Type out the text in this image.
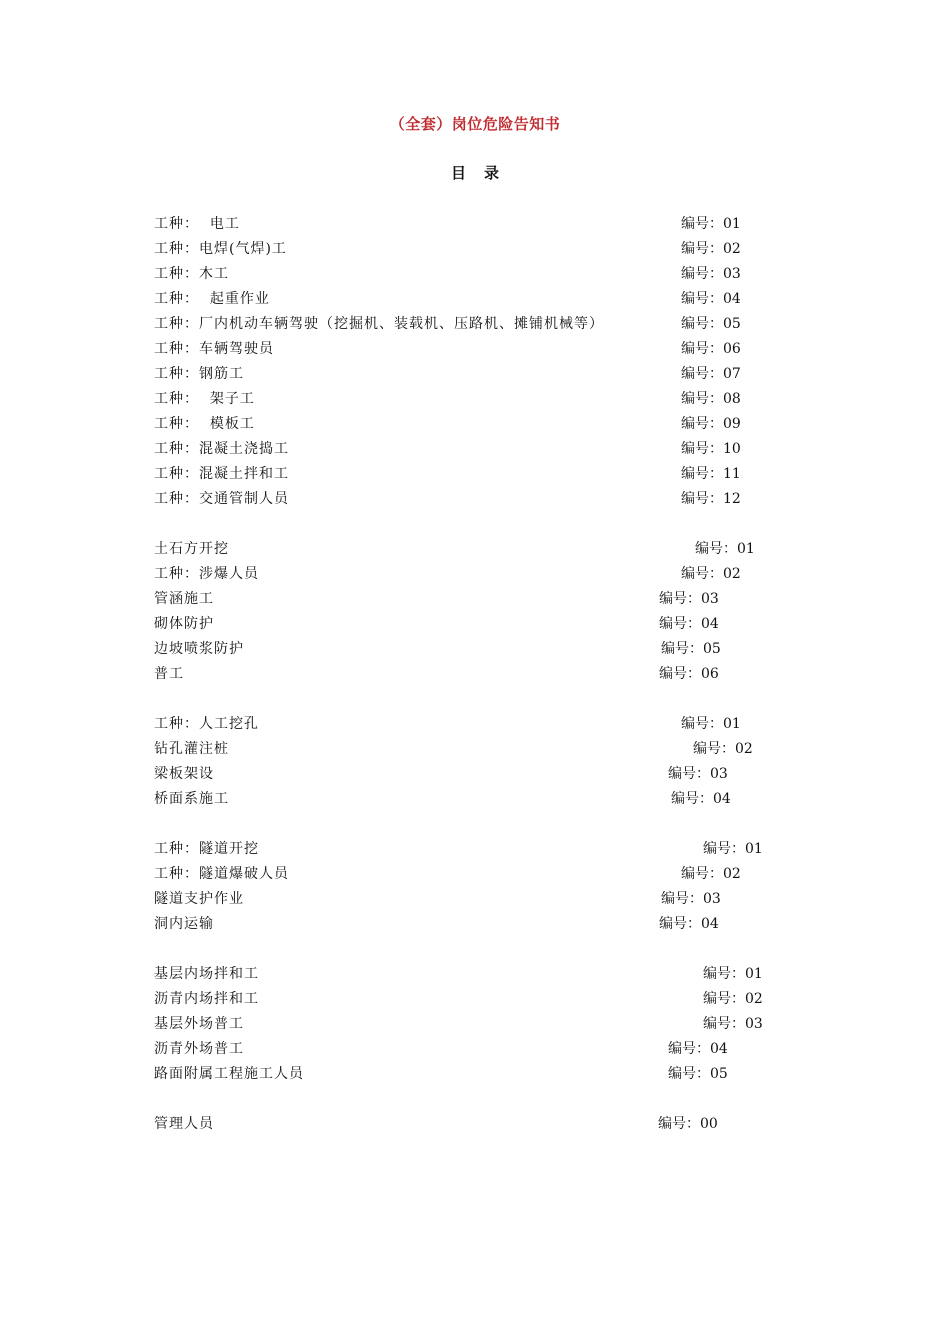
（全套）岗位危险告知书
目录
工种：  电工	编号：01
工种：电焊(气焊)工	编号：02
工种：木工	编号：03
工种：  起重作业	编号：04
工种：厂内机动车辆驾驶（挖掘机、装载机、压路机、摊铺机械等）	编号：05
工种：车辆驾驶员	编号：06
工种：钢筋工	编号：07
工种：  架子工	编号：08
工种：  模板工	编号：09
工种：混凝土浇捣工	编号：10
工种：混凝土拌和工	编号：11
工种：交通管制人员	编号：12
土石方开挖	编号：01
工种：涉爆人员	编号：02
管涵施工	编号：03
砌体防护	编号：04
边坡喷浆防护	编号：05
普工	编号：06
工种：人工挖孔	编号：01
钻孔灌注桩	编号：02
梁板架设	编号：03
桥面系施工	编号：04
工种：隧道开挖	编号：01
工种：隧道爆破人员	编号：02
隧道支护作业	编号：03
洞内运输	编号：04
基层内场拌和工	编号：01
沥青内场拌和工	编号：02
基层外场普工	编号：03
沥青外场普工	编号：04
路面附属工程施工人员	编号：05
管理人员	编号：00
